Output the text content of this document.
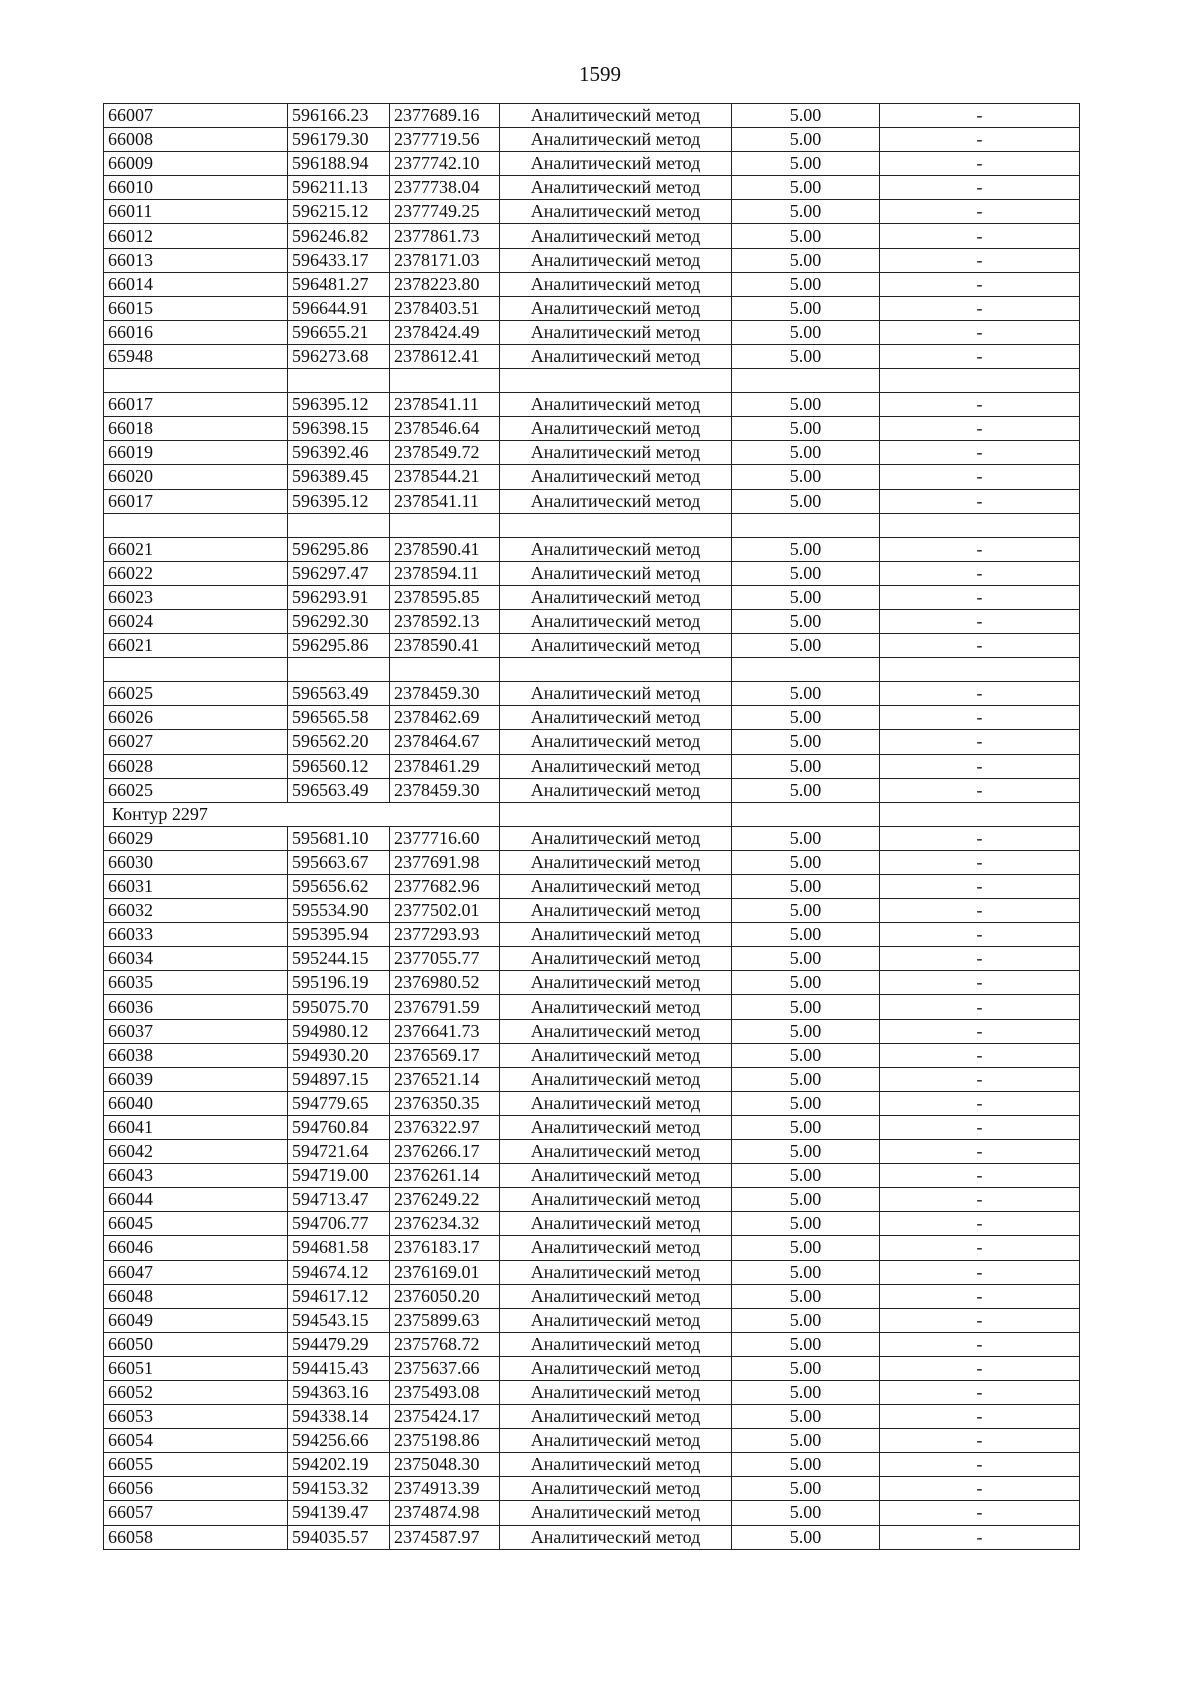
1599
66007	596166.23	2377689.16	Аналитический метод	5.00	-
66008	596179.30	2377719.56	Аналитический метод	5.00	-
66009	596188.94	2377742.10	Аналитический метод	5.00	-
66010	596211.13	2377738.04	Аналитический метод	5.00	-
66011	596215.12	2377749.25	Аналитический метод	5.00	-
66012	596246.82	2377861.73	Аналитический метод	5.00	-
66013	596433.17	2378171.03	Аналитический метод	5.00	-
66014	596481.27	2378223.80	Аналитический метод	5.00	-
66015	596644.91	2378403.51	Аналитический метод	5.00	-
66016	596655.21	2378424.49	Аналитический метод	5.00	-
65948	596273.68	2378612.41	Аналитический метод	5.00	-

66017	596395.12	2378541.11	Аналитический метод	5.00	-
66018	596398.15	2378546.64	Аналитический метод	5.00	-
66019	596392.46	2378549.72	Аналитический метод	5.00	-
66020	596389.45	2378544.21	Аналитический метод	5.00	-
66017	596395.12	2378541.11	Аналитический метод	5.00	-

66021	596295.86	2378590.41	Аналитический метод	5.00	-
66022	596297.47	2378594.11	Аналитический метод	5.00	-
66023	596293.91	2378595.85	Аналитический метод	5.00	-
66024	596292.30	2378592.13	Аналитический метод	5.00	-
66021	596295.86	2378590.41	Аналитический метод	5.00	-

66025	596563.49	2378459.30	Аналитический метод	5.00	-
66026	596565.58	2378462.69	Аналитический метод	5.00	-
66027	596562.20	2378464.67	Аналитический метод	5.00	-
66028	596560.12	2378461.29	Аналитический метод	5.00	-
66025	596563.49	2378459.30	Аналитический метод	5.00	-
Контур 2297					
66029	595681.10	2377716.60	Аналитический метод	5.00	-
66030	595663.67	2377691.98	Аналитический метод	5.00	-
66031	595656.62	2377682.96	Аналитический метод	5.00	-
66032	595534.90	2377502.01	Аналитический метод	5.00	-
66033	595395.94	2377293.93	Аналитический метод	5.00	-
66034	595244.15	2377055.77	Аналитический метод	5.00	-
66035	595196.19	2376980.52	Аналитический метод	5.00	-
66036	595075.70	2376791.59	Аналитический метод	5.00	-
66037	594980.12	2376641.73	Аналитический метод	5.00	-
66038	594930.20	2376569.17	Аналитический метод	5.00	-
66039	594897.15	2376521.14	Аналитический метод	5.00	-
66040	594779.65	2376350.35	Аналитический метод	5.00	-
66041	594760.84	2376322.97	Аналитический метод	5.00	-
66042	594721.64	2376266.17	Аналитический метод	5.00	-
66043	594719.00	2376261.14	Аналитический метод	5.00	-
66044	594713.47	2376249.22	Аналитический метод	5.00	-
66045	594706.77	2376234.32	Аналитический метод	5.00	-
66046	594681.58	2376183.17	Аналитический метод	5.00	-
66047	594674.12	2376169.01	Аналитический метод	5.00	-
66048	594617.12	2376050.20	Аналитический метод	5.00	-
66049	594543.15	2375899.63	Аналитический метод	5.00	-
66050	594479.29	2375768.72	Аналитический метод	5.00	-
66051	594415.43	2375637.66	Аналитический метод	5.00	-
66052	594363.16	2375493.08	Аналитический метод	5.00	-
66053	594338.14	2375424.17	Аналитический метод	5.00	-
66054	594256.66	2375198.86	Аналитический метод	5.00	-
66055	594202.19	2375048.30	Аналитический метод	5.00	-
66056	594153.32	2374913.39	Аналитический метод	5.00	-
66057	594139.47	2374874.98	Аналитический метод	5.00	-
66058	594035.57	2374587.97	Аналитический метод	5.00	-
